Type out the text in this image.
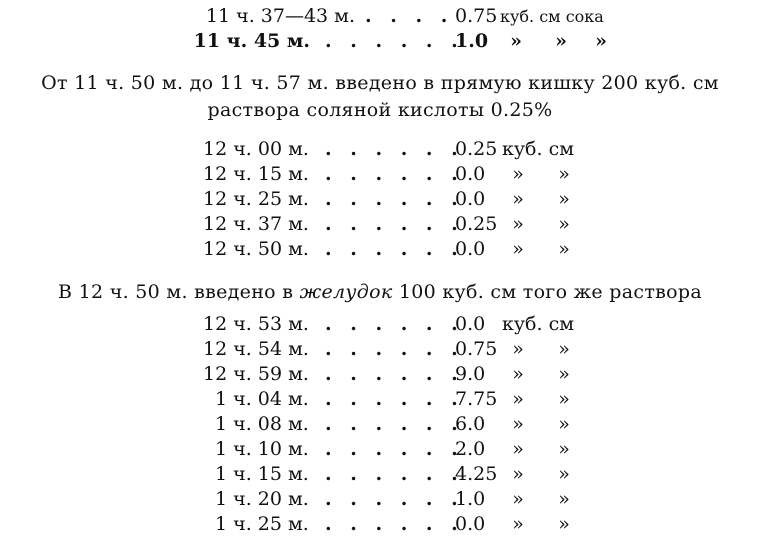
11 ч. 37—43 м. . . . . 0.75 куб. см сока
11 ч. 45 м. . . . . . .
1.0 » » »
От 11 ч. 50 м. до 11 ч. 57 м. введено в прямую кишку 200 куб. см
раствора соляной кислоты 0.25%
12 ч. 00 м. . . . . . .
0.25 куб. см
12 ч. 15 м. . . . . . .
0.0 » »
12 ч. 25 м. . . . . . .
0.0 » »
12 ч. 37 м. . . . . . .
0.25 » »
12 ч. 50 м. . . . . . .
0.0 » »
В 12 ч. 50 м. введено в желудок 100 куб. см того же раствора
12 ч. 53 м. . . . . . .
0.0 куб. см
12 ч. 54 м. . . . . . .
0.75 » »
12 ч. 59 м. . . . . . .
9.0 » »
1 ч. 04 м. . . . . . .
7.75 » »
1 ч. 08 м. . . . . . .
6.0 » »
1 ч. 10 м. . . . . . .
2.0 » »
1 ч. 15 м. . . . . . .
4.25 » »
1 ч. 20 м. . . . . . .
1.0 » »
1 ч. 25 м. . . . . . .
0.0 » »
